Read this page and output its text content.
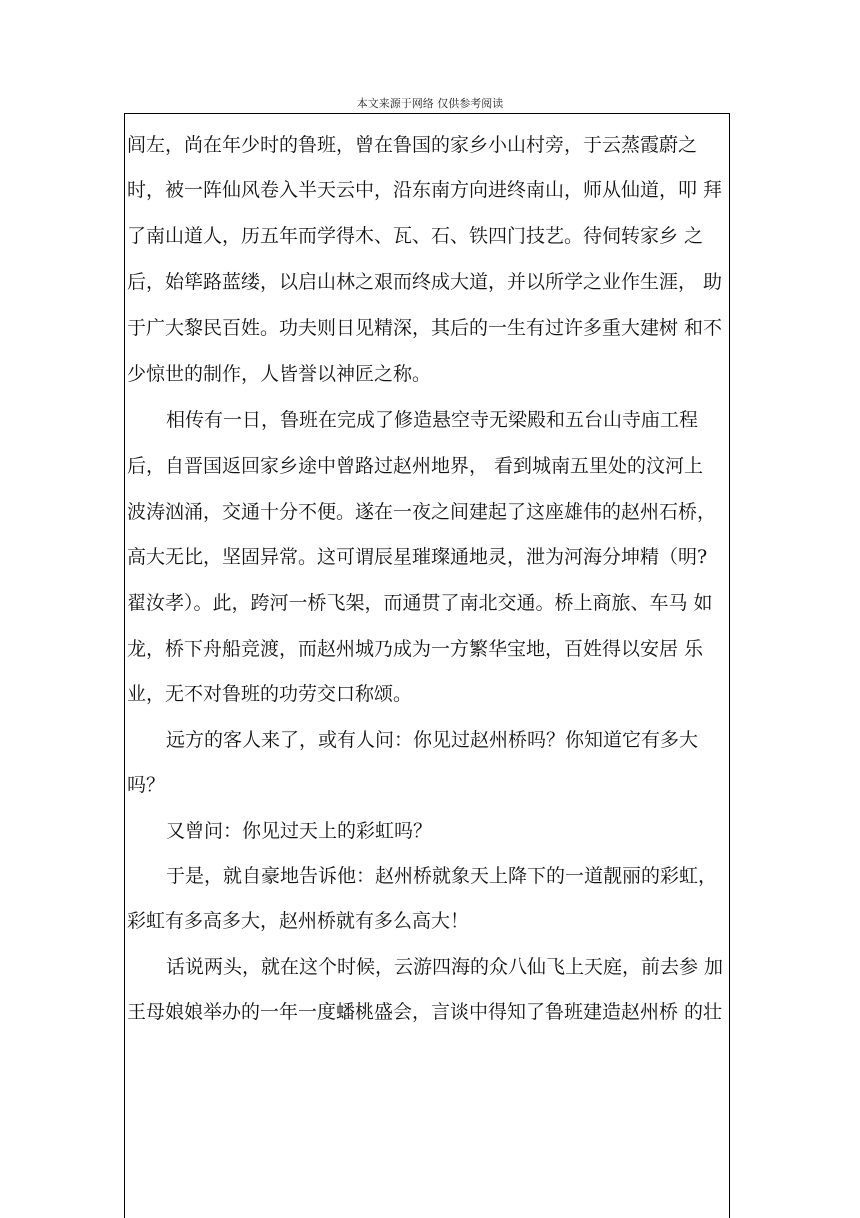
本文来源于网络 仅供参考阅读
闾左，尚在年少时的鲁班，曾在鲁国的家乡小山村旁，于云蒸霞蔚之
时，被一阵仙风卷入半天云中，沿东南方向进终南山，师从仙道，叩 拜
了南山道人，历五年而学得木、瓦、石、铁四门技艺。待伺转家乡 之
后，始筚路蓝缕，以启山林之艰而终成大道，并以所学之业作生涯， 助
于广大黎民百姓。功夫则日见精深，其后的一生有过许多重大建树 和不
少惊世的制作，人皆誉以神匠之称。
相传有一日，鲁班在完成了修造悬空寺无梁殿和五台山寺庙工程
后，自晋国返回家乡途中曾路过赵州地界， 看到城南五里处的汶河上
波涛汹涌，交通十分不便。遂在一夜之间建起了这座雄伟的赵州石桥，
高大无比，坚固异常。这可谓辰星璀璨通地灵，泄为河海分坤精（明?
翟汝孝）。此，跨河一桥飞架，而通贯了南北交通。桥上商旅、车马 如
龙，桥下舟船竞渡，而赵州城乃成为一方繁华宝地，百姓得以安居 乐
业，无不对鲁班的功劳交口称颂。
远方的客人来了，或有人问：你见过赵州桥吗？你知道它有多大
吗？
又曾问：你见过天上的彩虹吗？
于是，就自豪地告诉他：赵州桥就象天上降下的一道靓丽的彩虹，
彩虹有多高多大，赵州桥就有多么高大！
话说两头，就在这个时候，云游四海的众八仙飞上天庭，前去参 加
王母娘娘举办的一年一度蟠桃盛会，言谈中得知了鲁班建造赵州桥 的壮
